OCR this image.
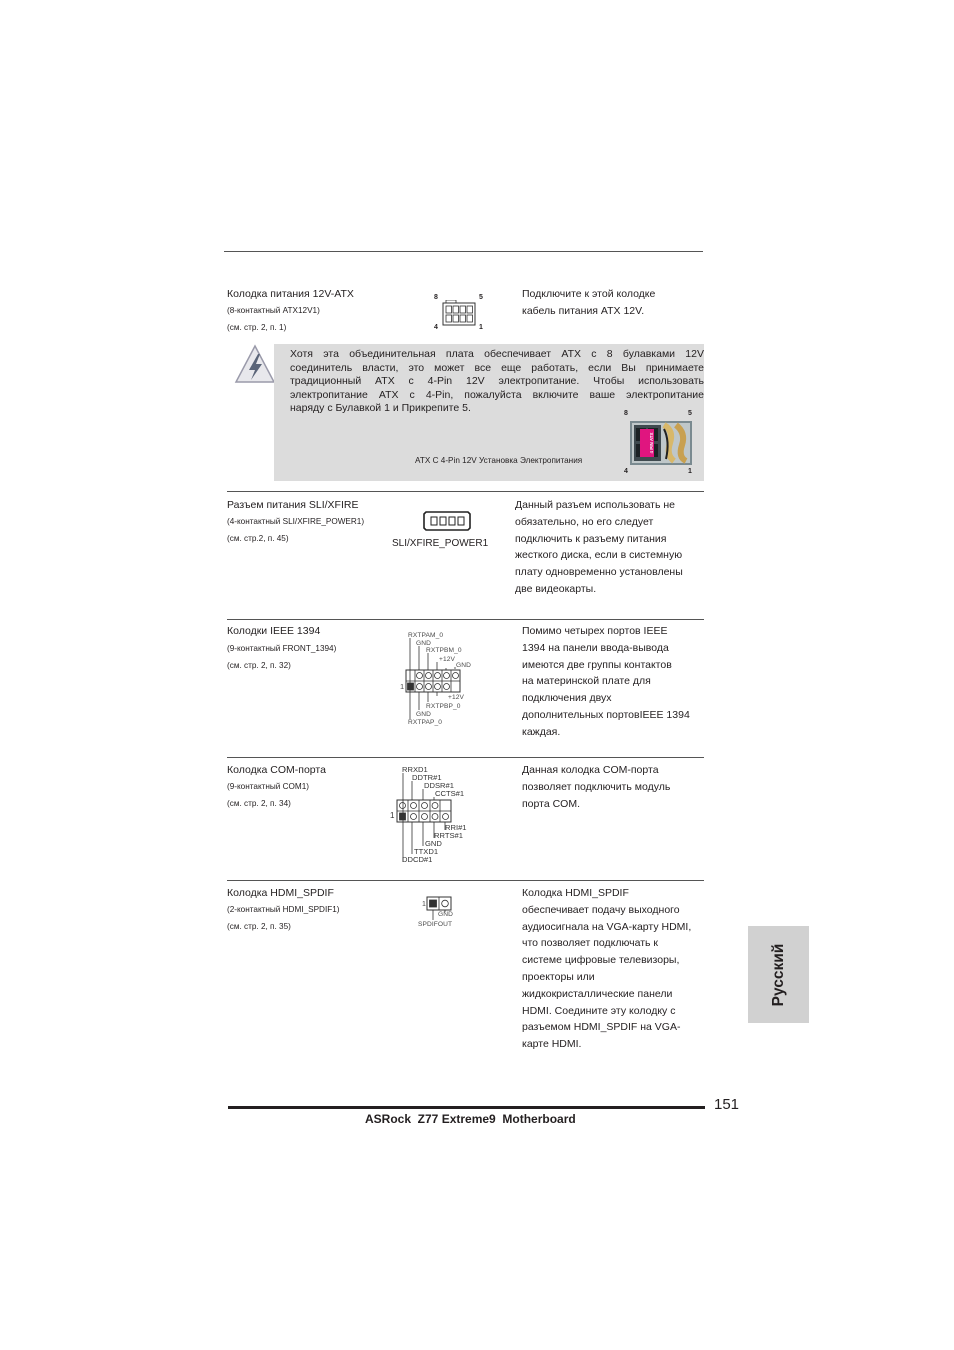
Колодка питания 12V-ATX
(8-контактный ATX12V1)
(см. стр. 2, п. 1)
8	5
4	1
Подключите к этой колодке
кабель питания ATX 12V.
Хотя эта объединительная плата обеспечивает ATX с 8 булавками 12V
соединитель власти, это может все еще работать, если Вы принимаете
традиционный ATX с 4-Pin 12V электропитание. Чтобы использовать
электропитание ATX с 4-Pin, пожалуйста включите ваше электропитание
наряду с Булавкой 1 и Прикрепите 5.
ATX С 4-Pin 12V Установка Электропитания
8	5
4 PIN ATX
4	1
Разъем питания SLI/XFIRE
(4-контактный SLI/XFIRE_POWER1)
(см. стр.2, п. 45)	SLI/XFIRE_POWER1
Данный разъем использовать не
обязательно, но его следует
подключить к разъему питания
жесткого диска, если в системную
плату одновременно установлены
две видеокарты.
Колодки IEEE 1394
(9-контактный FRONT_1394)
(см. стр. 2, п. 32)
RXTPAM_0
GND
RXTPBM_0
+12V
GND
1
+12V
RXTPBP_0
GND
RXTPAP_0
Помимо четырех портов IEEE
1394 на панели ввода-вывода
имеются две группы контактов
на материнской плате для
подключения двух
дополнительных портовIEEE 1394
каждая.
Колодка COM-порта
(9-контактный COM1)
(см. стр. 2, п. 34)
RRXD1
DDTR#1
DDSR#1
CCTS#1
1
RRI#1
RRTS#1
GND
TTXD1
DDCD#1
Данная колодка COM-порта
позволяет подключить модуль
порта COM.
Колодка HDMI_SPDIF
(2-контактный HDMI_SPDIF1)
(см. стр. 2, п. 35)
1
GND
SPDIFOUT
Колодка HDMI_SPDIF
обеспечивает подачу выходного
аудиосигнала на VGA-карту HDMI,
что позволяет подключать к
системе цифровые телевизоры,
проекторы или
жидкокристаллические панели
HDMI. Соедините эту колодку с
разъемом HDMI_SPDIF на VGA-
карте HDMI.
Русский
151
ASRock  Z77 Extreme9  Motherboard
